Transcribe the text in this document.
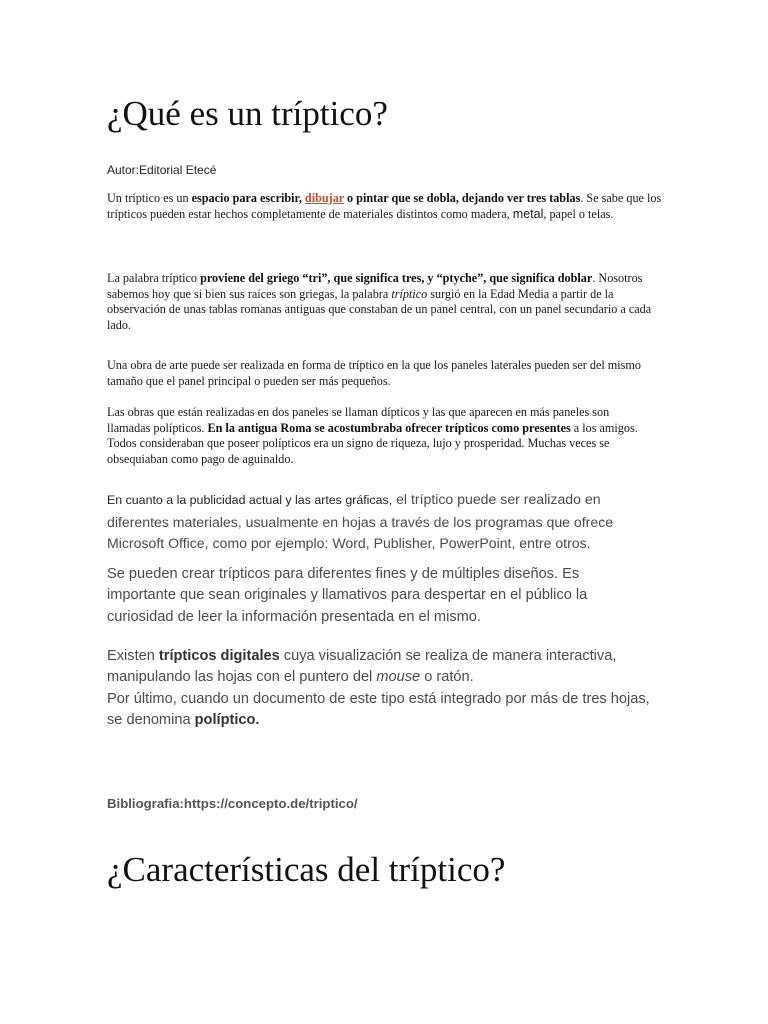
¿Qué es un tríptico?

Autor:Editorial Etecé

Un tríptico es un espacio para escribir, dibujar o pintar que se dobla, dejando ver tres tablas. Se sabe que los trípticos pueden estar hechos completamente de materiales distintos como madera, metal, papel o telas.

La palabra tríptico proviene del griego “tri”, que significa tres, y “ptyche”, que significa doblar. Nosotros sabemos hoy que si bien sus raíces son griegas, la palabra tríptico surgió en la Edad Media a partir de la observación de unas tablas romanas antiguas que constaban de un panel central, con un panel secundario a cada lado.

Una obra de arte puede ser realizada en forma de tríptico en la que los paneles laterales pueden ser del mismo tamaño que el panel principal o pueden ser más pequeños.

Las obras que están realizadas en dos paneles se llaman dípticos y las que aparecen en más paneles son llamadas polípticos. En la antigua Roma se acostumbraba ofrecer trípticos como presentes a los amigos. Todos consideraban que poseer polípticos era un signo de riqueza, lujo y prosperidad. Muchas veces se obsequiaban como pago de aguinaldo.

En cuanto a la publicidad actual y las artes gráficas, el tríptico puede ser realizado en diferentes materiales, usualmente en hojas a través de los programas que ofrece Microsoft Office, como por ejemplo: Word, Publisher, PowerPoint, entre otros.

Se pueden crear trípticos para diferentes fines y de múltiples diseños. Es importante que sean originales y llamativos para despertar en el público la curiosidad de leer la información presentada en el mismo.

Existen trípticos digitales cuya visualización se realiza de manera interactiva, manipulando las hojas con el puntero del mouse o ratón.
Por último, cuando un documento de este tipo está integrado por más de tres hojas, se denomina políptico.

Bibliografia:https://concepto.de/triptico/

¿Características del tríptico?
